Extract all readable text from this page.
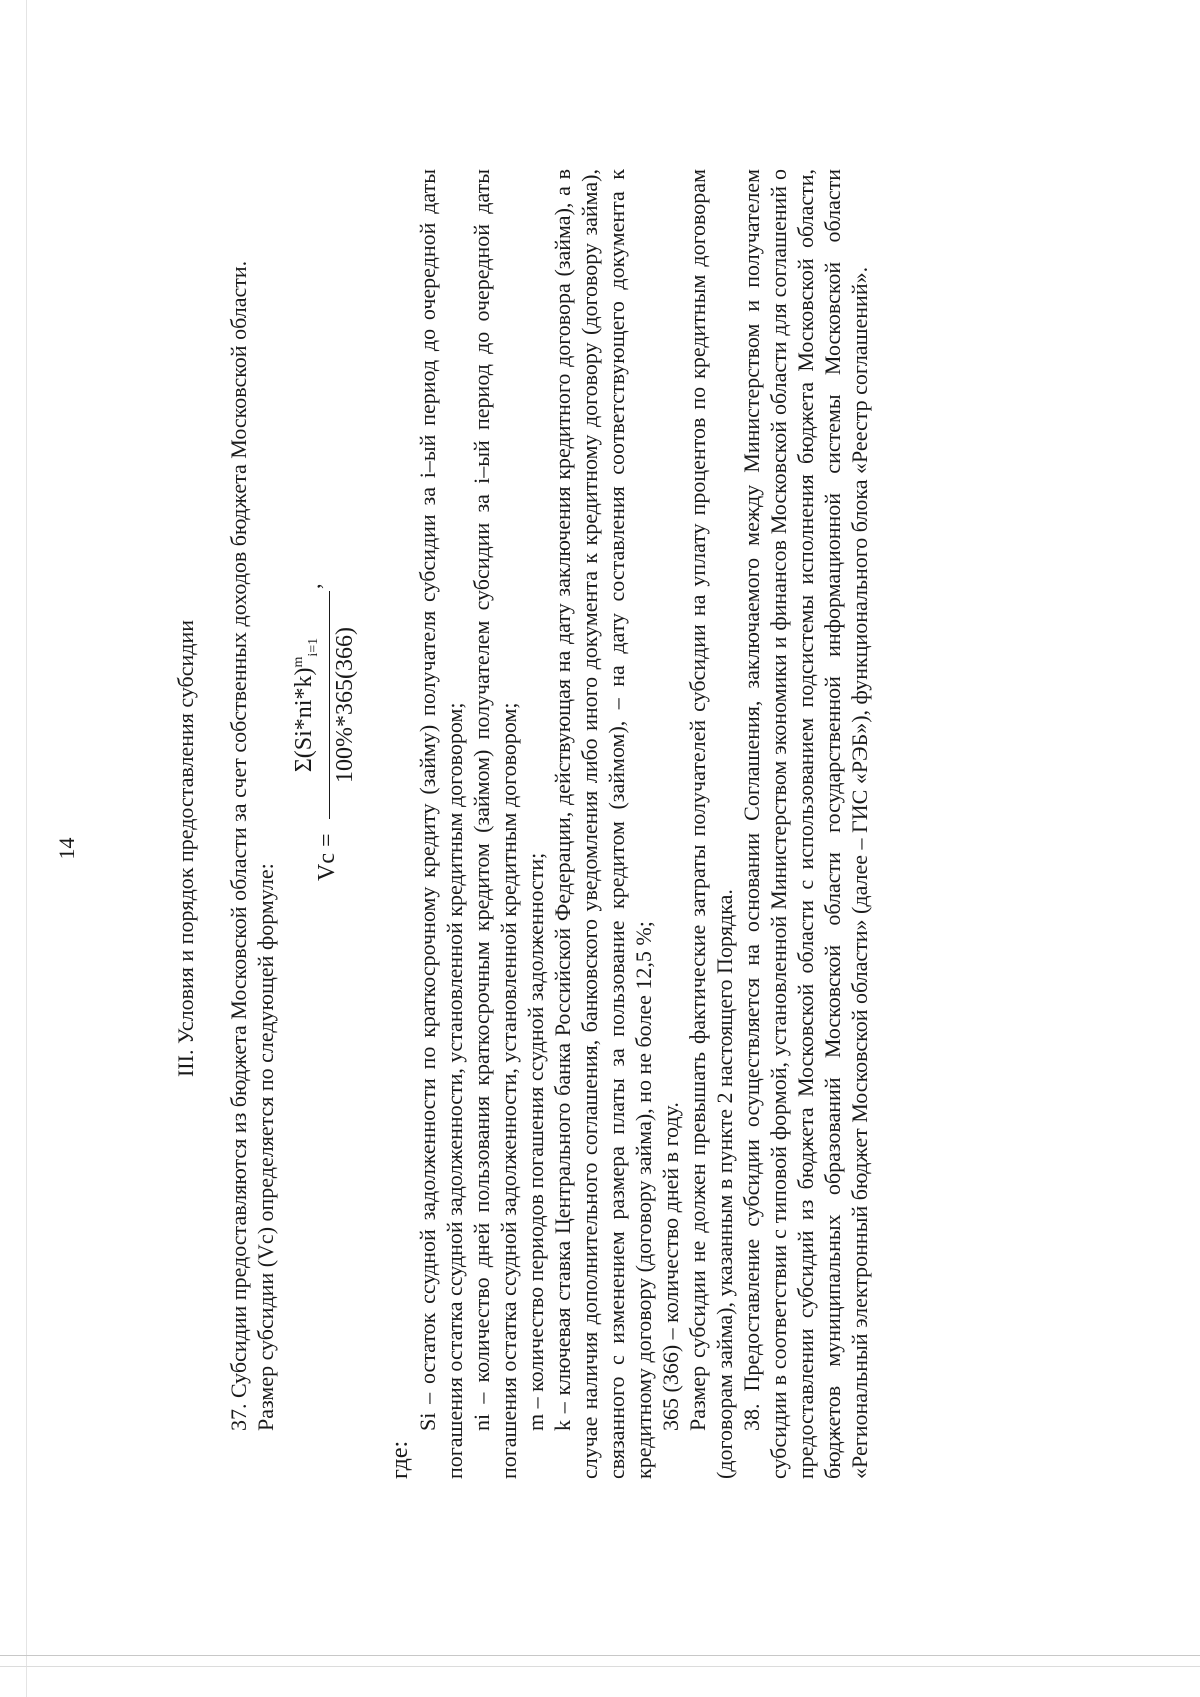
14	III. Условия и порядок предоставления субсидии 37. Субсидии предоставляются из бюджета Московской области за счет собственных доходов бюджета Московской области. Размер субсидии (Vc) определяется по следующей формуле:

Vc =
$\Sigma(Si*ni*k)^m_{i=1}$ 100%*365(366)
,

где:

Si – остаток ссудной задолженности по краткосрочному кредиту (займу) получателя субсидии за i–ый период до очередной даты погашения остатка ссудной задолженности, установленной кредитным договором; ni – количество дней пользования краткосрочным кредитом (займом) получателем субсидии за i–ый период до очередной даты погашения остатка ссудной задолженности, установленной кредитным договором; m – количество периодов погашения ссудной задолженности; k – ключевая ставка Центрального банка Российской Федерации, действующая на дату заключения кредитного договора (займа), а в случае наличия дополнительного соглашения, банковского уведомления либо иного документа к кредитному договору (договору займа), связанного с изменением размера платы за пользование кредитом (займом), – на дату составления соответствующего документа к кредитному договору (договору займа), но не более 12,5 %; 365 (366) – количество дней в году. Размер субсидии не должен превышать фактические затраты получателей субсидии на уплату процентов по кредитным договорам (договорам займа), указанным в пункте 2 настоящего Порядка. 38. Предоставление субсидии осуществляется на основании Соглашения, заключаемого между Министерством и получателем субсидии в соответствии с типовой формой, установленной Министерством экономики и финансов Московской области для соглашений о предоставлении субсидий из бюджета Московской области с использованием подсистемы исполнения бюджета Московской области, бюджетов муниципальных образований Московской области государственной информационной системы Московской области «Региональный электронный бюджет Московской области» (далее – ГИС «РЭБ»), функционального блока «Реестр соглашений».
